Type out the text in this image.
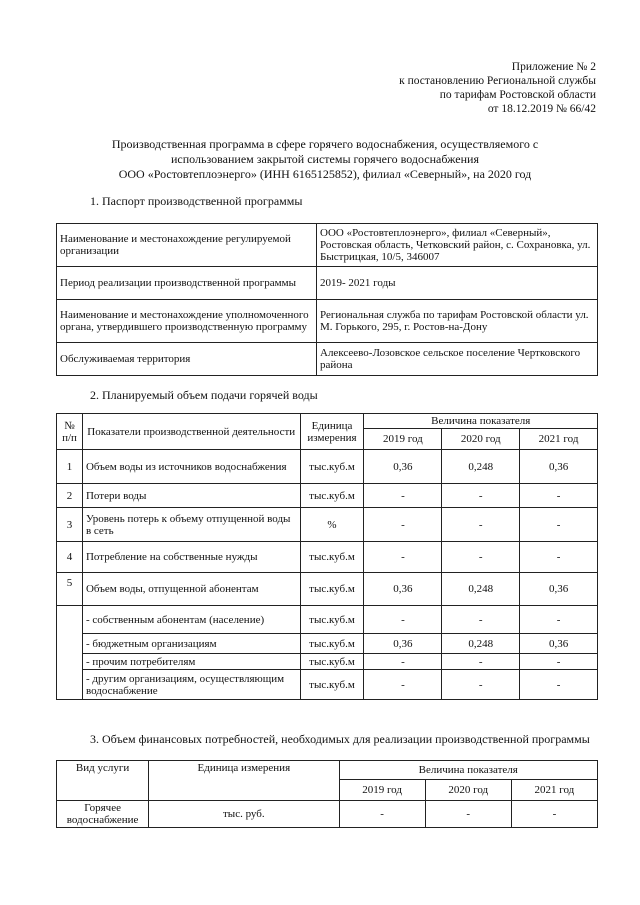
Приложение № 2
к постановлению Региональной службы
по тарифам Ростовской области
от 18.12.2019 № 66/42
Производственная программа в сфере горячего водоснабжения, осуществляемого с
использованием закрытой системы горячего водоснабжения
ООО «Ростовтеплоэнерго» (ИНН 6165125852), филиал «Северный», на 2020 год
1. Паспорт производственной программы
Наименование и местонахождение регулируемой организации	ООО «Ростовтеплоэнерго», филиал «Северный», Ростовская область, Четковский район, с. Сохрановка, ул. Быстрицкая, 10/5, 346007
Период реализации производственной программы	2019- 2021 годы
Наименование и местонахождение уполномоченного органа, утвердившего производственную программу	Региональная служба по тарифам Ростовской области ул. М. Горького, 295, г. Ростов-на-Дону
Обслуживаемая территория	Алексеево-Лозовское сельское поселение Чертковского района
2. Планируемый объем подачи горячей воды
№ п/п	Показатели производственной деятельности	Единица измерения	Величина показателя		
			2019 год	2020 год	2021 год
1	Объем воды из источников водоснабжения	тыс.куб.м	0,36	0,248	0,36
2	Потери воды	тыс.куб.м	-	-	-
3	Уровень потерь к объему отпущенной воды в сеть	%	-	-	-
4	Потребление на собственные нужды	тыс.куб.м	-	-	-
5	Объем воды, отпущенной абонентам	тыс.куб.м	0,36	0,248	0,36
	- собственным абонентам (население)	тыс.куб.м	-	-	-
	- бюджетным организациям	тыс.куб.м	0,36	0,248	0,36
	- прочим потребителям	тыс.куб.м	-	-	-
	- другим организациям, осуществляющим водоснабжение	тыс.куб.м	-	-	-
3. Объем финансовых потребностей, необходимых для реализации производственной программы
Вид услуги	Единица измерения	Величина показателя		
		2019 год	2020 год	2021 год
Горячее водоснабжение	тыс. руб.	-	-	-
